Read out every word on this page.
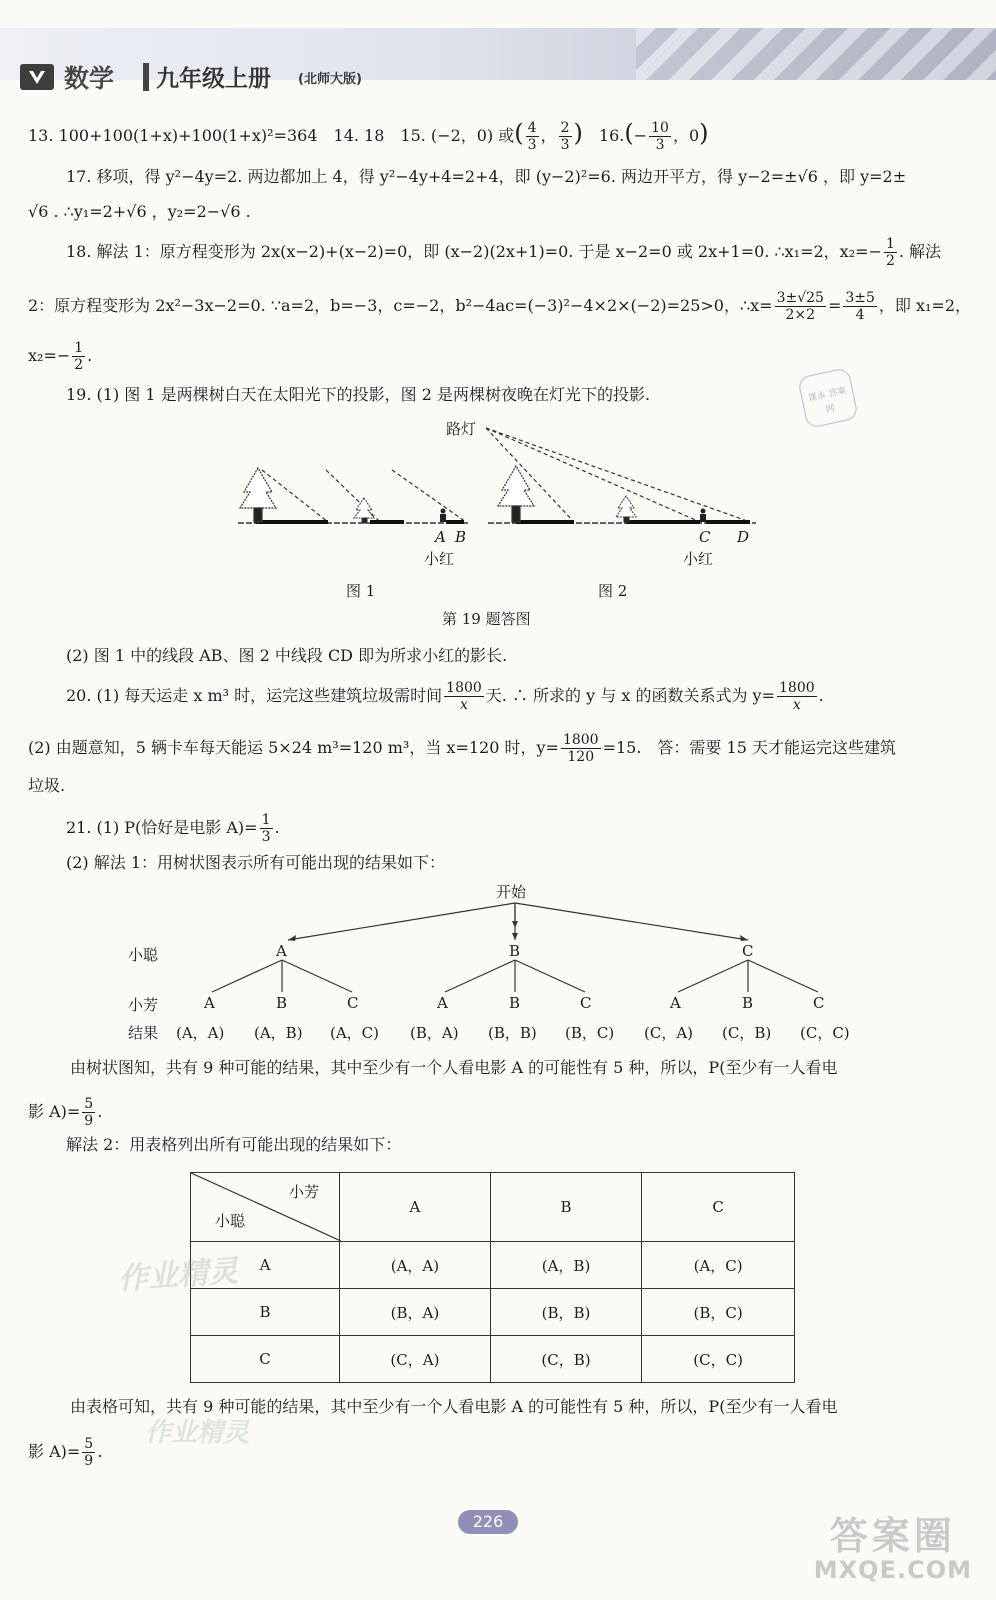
数学 九年级上册 (北师大版)
13. 100+100(1+x)+100(1+x)²=364　14. 18　15. (−2，0) 或( $\frac{4}{3}$ ， $\frac{2}{3}$ )　$16.(- \frac{10}{3}$ ，0)
17. 移项，得 y²−4y=2. 两边都加上 4，得 y²−4y+4=2+4，即 (y−2)²=6. 两边开平方，得 y−2=±√6 ，即 y=2±
√6 . ∴y₁=2+√6 ，y₂=2−√6 .
18. 解法 1：原方程变形为 2x(x−2)+(x−2)=0，即 (x−2)(2x+1)=0. 于是 x−2=0 或 2x+1=0. ∴x₁=2，$x_2=- \frac{1}{2}$ . 解法
2：原方程变形为 2x²−3x−2=0. ∵a=2，b=−3，c=−2，b²−4ac=(−3)²−4×2×(−2)=25>0，∴x= $\frac{3\pm√25}{2\times 2} = \frac{3\pm 5}{4}$ ，即 x₁=2，
$x_2=- \frac{1}{2}$ .
19. (1) 图 1 是两棵树白天在太阳光下的投影，图 2 是两棵树夜晚在灯光下的投影.	课本 答案 网
路灯
A B	C D
小红	小红
图 1	图 2
第 19 题答图
(2) 图 1 中的线段 AB、图 2 中线段 CD 即为所求小红的影长.
20. (1) 每天运走 x m³ 时，运完这些建筑垃圾需时间 $\frac{1800}{x}$ 天. ∴ 所求的 y 与 x 的函数关系式为 $y= \frac{1800}{x}$ .
(2) 由题意知，5 辆卡车每天能运 5×24 m³=120 m³，当 x=120 时，$y= \frac{1800}{120} =15$.　答：需要 15 天才能运完这些建筑
垃圾.
21. (1) P(恰好是电影 $A)= \frac{1}{3}$ .
(2) 解法 1：用树状图表示所有可能出现的结果如下：
开始
小聪
小芳
结果
A	B	C
A	B	C	A	B	C	A	B	C
(A，A) (A，B) (A，C) (B，A) (B，B) (B，C) (C，A) (C，B) (C，C)
由树状图知，共有 9 种可能的结果，其中至少有一个人看电影 A 的可能性有 5 种，所以，P(至少有一人看电
影 $A)= \frac{5}{9}$ .
解法 2：用表格列出所有可能出现的结果如下：
小芳
小聪	A	B	C
A	(A，A)	(A，B)	(A，C)
B	(B，A)	(B，B)	(B，C)
C	(C，A)	(C，B)	(C，C)
作业精灵
由表格可知，共有 9 种可能的结果，其中至少有一个人看电影 A 的可能性有 5 种，所以，P(至少有一人看电
作业精灵
影 $A)= \frac{5}{9}$ .
226	答案圈
MXQE.COM
